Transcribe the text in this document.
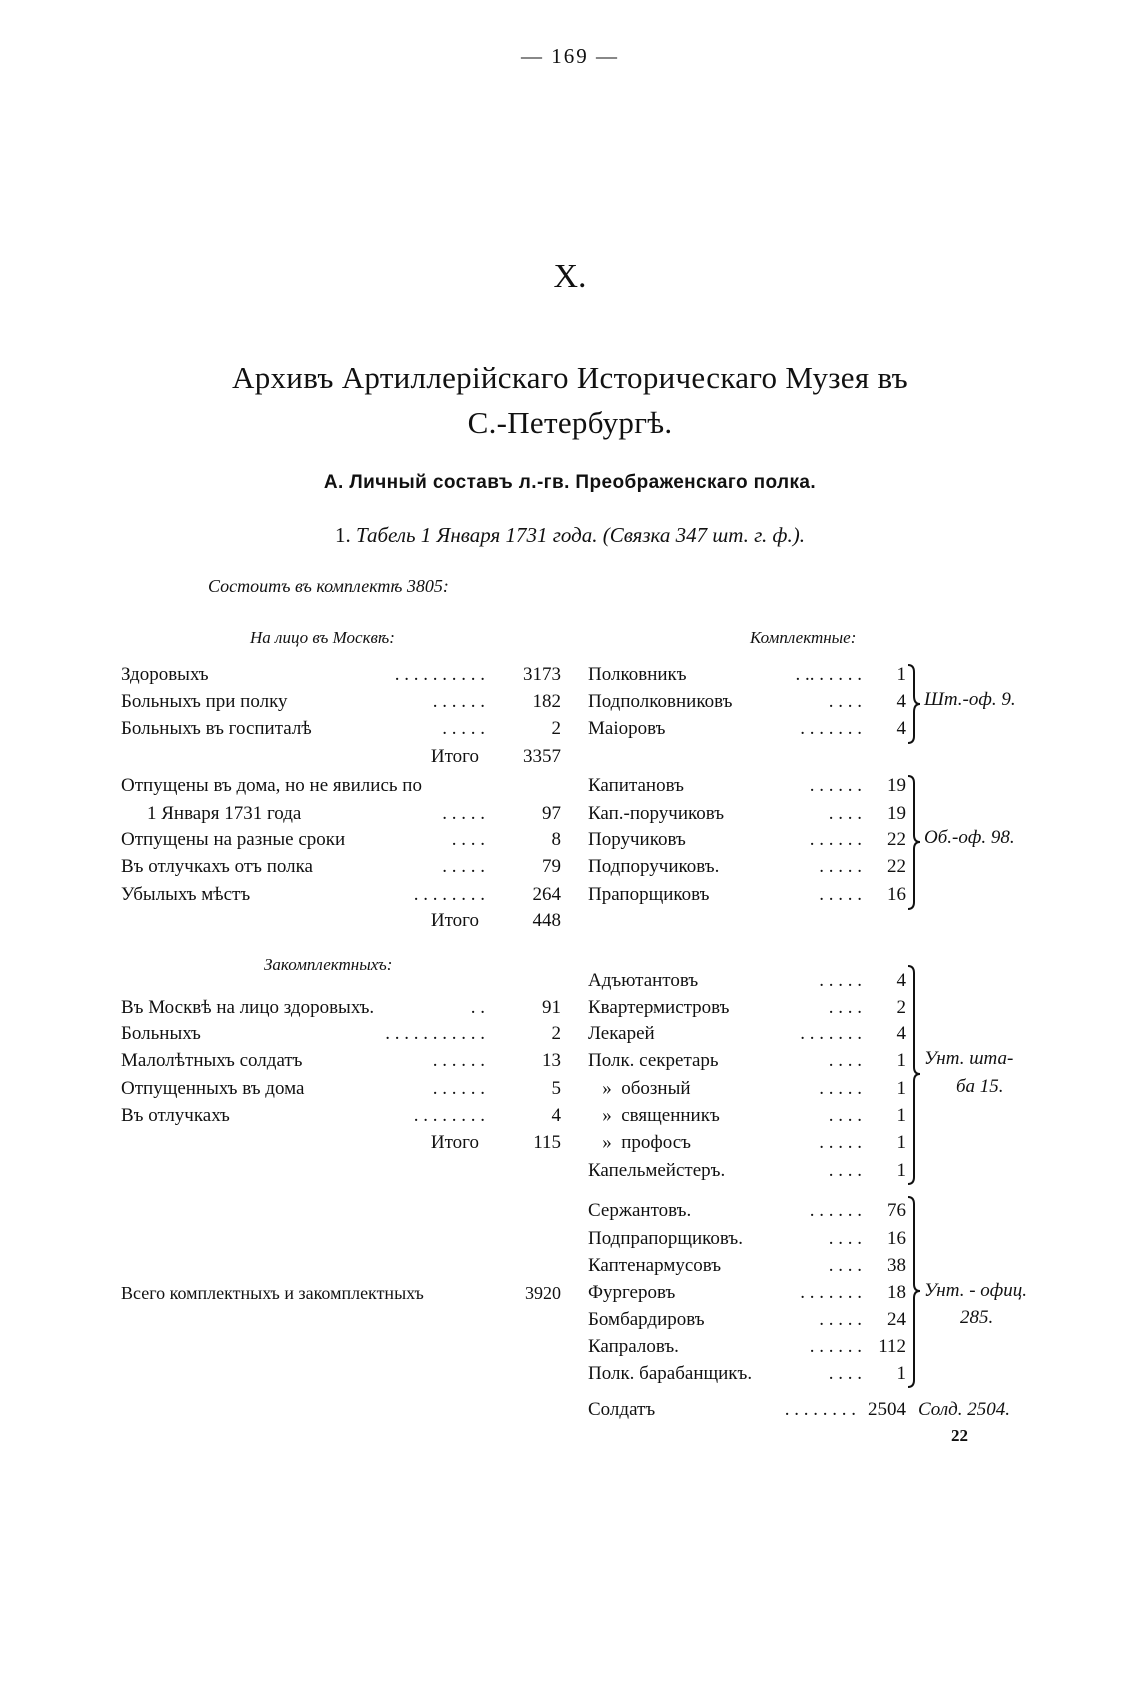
— 169 —
X.
Архивъ Артиллерiйскаго Историческаго Музея въ
С.-Петербургѣ.
А. Личный составъ л.-гв. Преображенскаго полка.
1. Табель 1 Января 1731 года. (Связка 347 шт. г. ф.).
Состоитъ въ комплектѣ 3805:
На лицо въ Москвѣ:	Комплектные:
Здоровыхъ	. . . . . . . . . . 3173
Больныхъ при полку	. . . . . .	182
Больныхъ въ госпиталѣ	. . . . .	2
Итого 3357
Отпущены въ дома, но не явились по
1 Января 1731 года	. . . . .	97
Отпущены на разные сроки	. . . .	8
Въ отлучкахъ отъ полка	. . . . .	79
Убылыхъ мѣстъ	. . . . . . . .	264
Итого	448
Закомплектныхъ:
Въ Москвѣ на лицо здоровыхъ.	. .	91
Больныхъ	. . . . . . . . . . .	2
Малолѣтныхъ солдатъ	. . . . . .	13
Отпущенныхъ въ дома	. . . . . .	5
Въ отлучкахъ	. . . . . . . .	4
Итого	115
Всего комплектныхъ и закомплектныхъ	3920
Полковникъ	. .. . . . . . 1
Подполковниковъ	. . . . 4
Маiоровъ	. . . . . . . 4
Шт.-оф. 9.
Капитановъ	. . . . . . 19
Кап.-поручиковъ	. . . . 19
Поручиковъ	. . . . . . 22
Подпоручиковъ.	. . . . . 22
Прапорщиковъ	. . . . . 16
Об.-оф. 98.
Адъютантовъ	. . . . . 4
Квартермистровъ	. . . . 2
Лекарей	. . . . . . . 4
Полк. секретарь	. . . . 1
»  обозный	. . . . . 1
»  священникъ	. . . . 1
»  профосъ	. . . . . 1
Капельмейстеръ.	. . . . 1
Унт. шта-
ба 15.
Сержантовъ.	. . . . . . 76
Подпрапорщиковъ.	. . . . 16
Каптенармусовъ	. . . . 38
Фургеровъ	. . . . . . . 18
Бомбардировъ	. . . . . 24
Капраловъ.	. . . . . . 112
Полк. барабанщикъ.	. . . . 1
Унт. - офиц.
285.
Солдатъ	. . . . . . . . 2504 Солд. 2504.
22
